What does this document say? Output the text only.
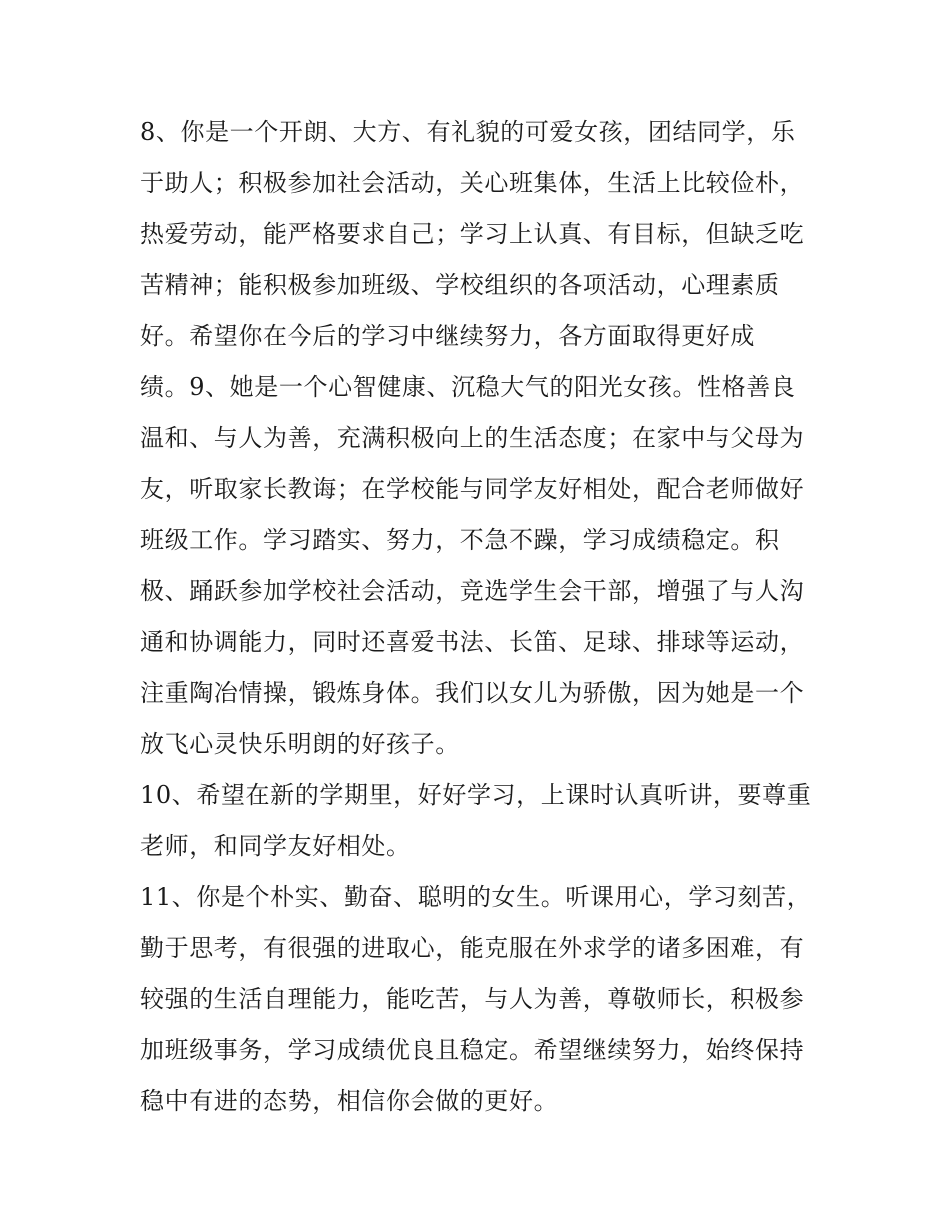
8、你是一个开朗、大方、有礼貌的可爱女孩，团结同学，乐
于助人；积极参加社会活动，关心班集体，生活上比较俭朴，
热爱劳动，能严格要求自己；学习上认真、有目标，但缺乏吃
苦精神；能积极参加班级、学校组织的各项活动，心理素质
好。希望你在今后的学习中继续努力，各方面取得更好成
绩。9、她是一个心智健康、沉稳大气的阳光女孩。性格善良
温和、与人为善，充满积极向上的生活态度；在家中与父母为
友，听取家长教诲；在学校能与同学友好相处，配合老师做好
班级工作。学习踏实、努力，不急不躁，学习成绩稳定。积
极、踊跃参加学校社会活动，竞选学生会干部，增强了与人沟
通和协调能力，同时还喜爱书法、长笛、足球、排球等运动，
注重陶冶情操，锻炼身体。我们以女儿为骄傲，因为她是一个
放飞心灵快乐明朗的好孩子。
10、希望在新的学期里，好好学习，上课时认真听讲，要尊重
老师，和同学友好相处。
11、你是个朴实、勤奋、聪明的女生。听课用心，学习刻苦，
勤于思考，有很强的进取心，能克服在外求学的诸多困难，有
较强的生活自理能力，能吃苦，与人为善，尊敬师长，积极参
加班级事务，学习成绩优良且稳定。希望继续努力，始终保持
稳中有进的态势，相信你会做的更好。
